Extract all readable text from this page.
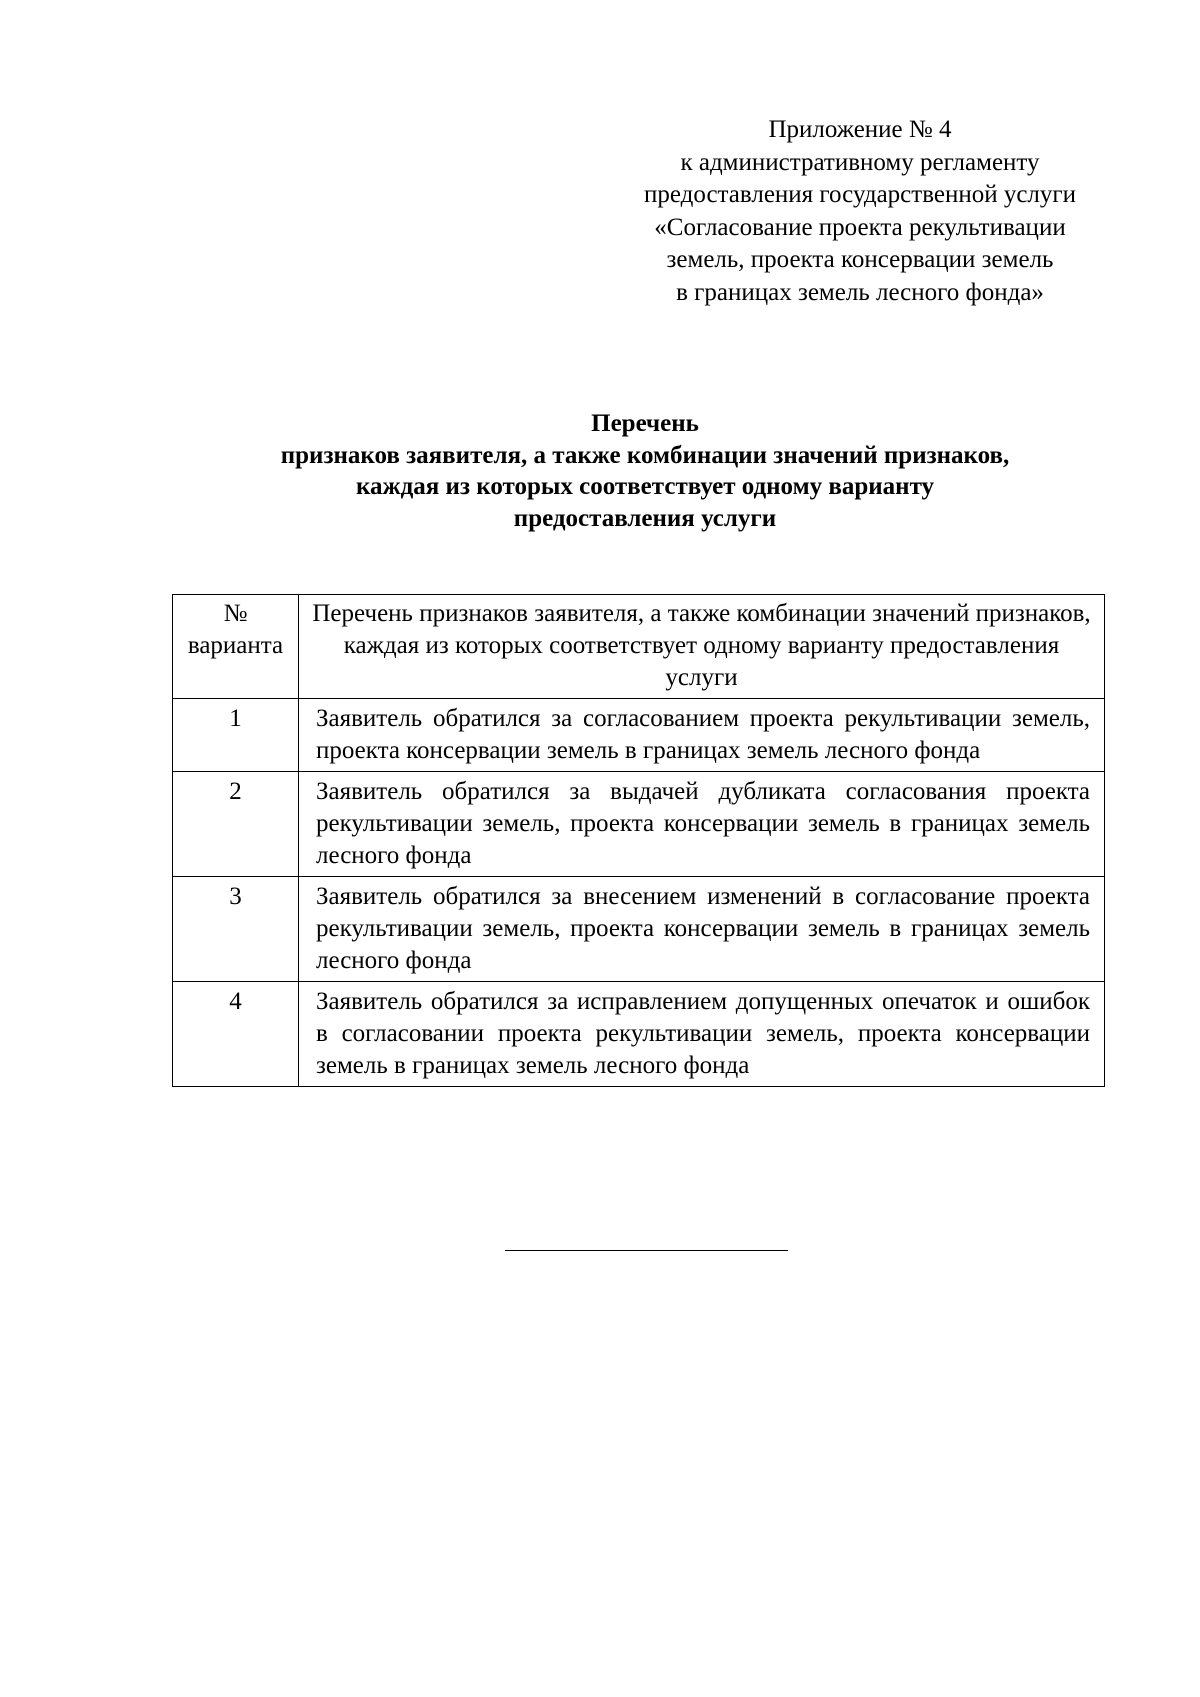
Приложение № 4
к административному регламенту
предоставления государственной услуги
«Согласование проекта рекультивации
земель, проекта консервации земель
в границах земель лесного фонда»
Перечень
признаков заявителя, а также комбинации значений признаков,
каждая из которых соответствует одному варианту
предоставления услуги
№
варианта	Перечень признаков заявителя, а также комбинации значений признаков, каждая из которых соответствует одному варианту предоставления услуги
1	Заявитель обратился за согласованием проекта рекультивации земель, проекта консервации земель в границах земель лесного фонда
2	Заявитель обратился за выдачей дубликата согласования проекта рекультивации земель, проекта консервации земель в границах земель лесного фонда
3	Заявитель обратился за внесением изменений в согласование проекта рекультивации земель, проекта консервации земель в границах земель лесного фонда
4	Заявитель обратился за исправлением допущенных опечаток и ошибок в согласовании проекта рекультивации земель, проекта консервации земель в границах земель лесного фонда
